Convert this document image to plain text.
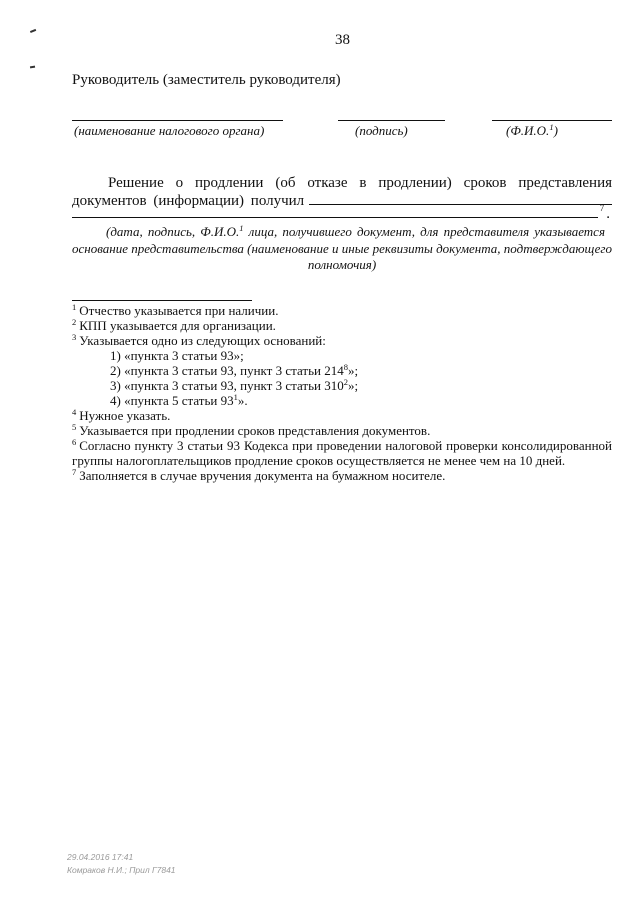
38
Руководитель (заместитель руководителя)
(наименование налогового органа)	(подпись)	(Ф.И.О.$^1$)
Решение о продлении (об отказе в продлении) сроков представления
документов (информации) получил	7 .
(дата, подпись, Ф.И.О.$^1$ лица, получившего документ, для представителя указывается
основание представительства (наименование и иные реквизиты документа, подтверждающего
полномочия)
$^1$ Отчество указывается при наличии.
$^2$ КПП указывается для организации.
$^3$ Указывается одно из следующих оснований:
1) «пункта 3 статьи 93»;
2) «пункта 3 статьи 93, пункт 3 статьи $214^8$»;
3) «пункта 3 статьи 93, пункт 3 статьи $310^2$»;
4) «пункта 5 статьи $93^1$».
$^4$ Нужное указать.
$^5$ Указывается при продлении сроков представления документов.
$^6$ Согласно пункту 3 статьи 93 Кодекса при проведении налоговой проверки консолидированной
группы налогоплательщиков продление сроков осуществляется не менее чем на 10 дней.
$^7$ Заполняется в случае вручения документа на бумажном носителе.
29.04.2016 17:41
Комраков Н.И.; Прил Г7841
